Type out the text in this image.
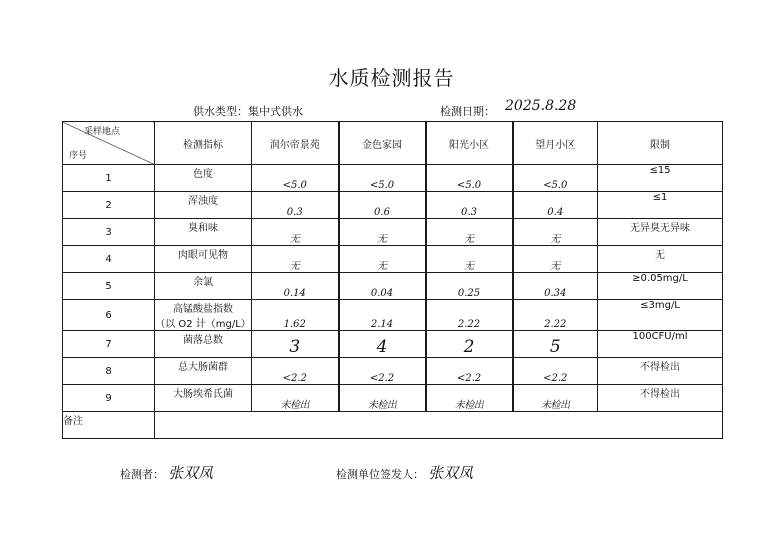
水质检测报告
供水类型：集中式供水	检测日期： 2025.8.28
采样地点
序号	检测指标	润尔帝景苑	金色家园	阳光小区	望月小区	限制
1	色度	<5.0	<5.0	<5.0	<5.0	≤15
2	浑浊度	0.3	0.6	0.3	0.4	≤1
3	臭和味	无	无	无	无	无异臭无异味
4	肉眼可见物	无	无	无	无	无
5	余氯	0.14	0.04	0.25	0.34	≥0.05mg/L
6	高锰酸盐指数
（以 O2 计（mg/L）	1.62	2.14	2.22	2.22	≤3mg/L
7	菌落总数	3	4	2	5	100CFU/ml
8	总大肠菌群	<2.2	<2.2	<2.2	<2.2	不得检出
9	大肠埃希氏菌	未检出	未检出	未检出	未检出	不得检出
备注						
检测者： 张双凤	检测单位签发人： 张双凤
